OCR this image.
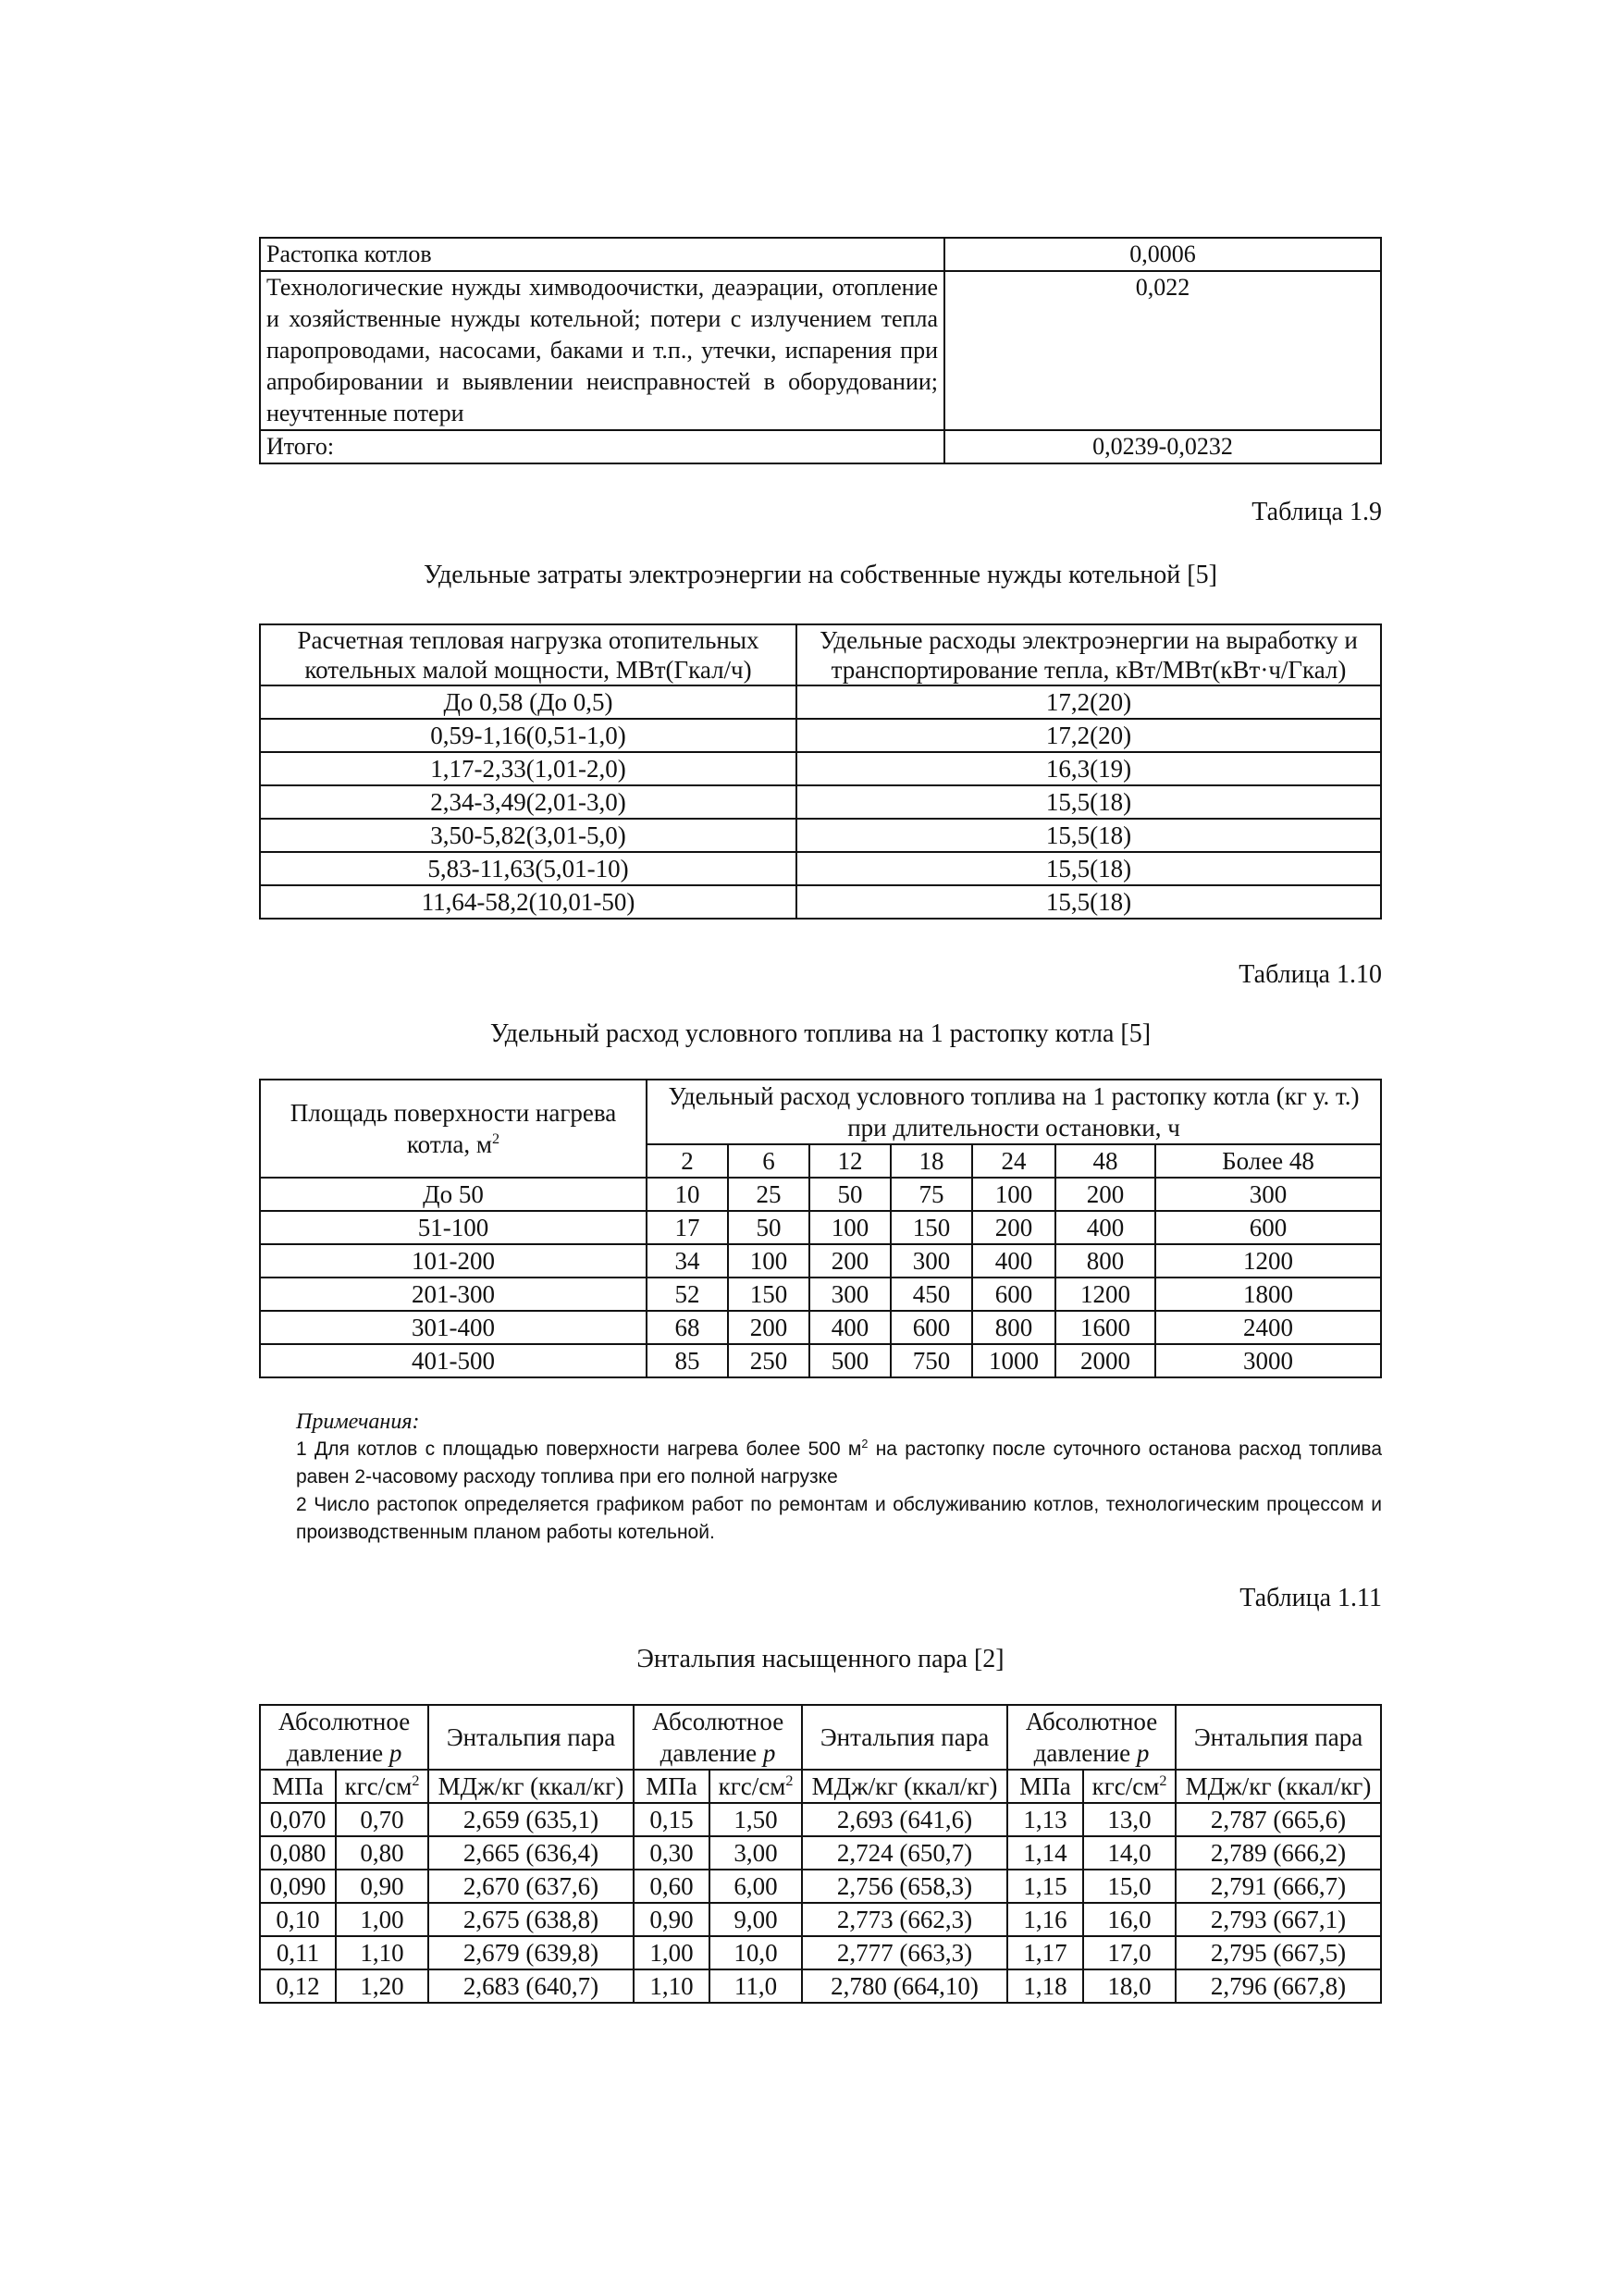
Растопка котлов	0,0006
Технологические нужды химводоочистки, деаэрации, отопление и хозяйственные нужды котельной; потери с излучением тепла паропроводами, насосами, баками и т.п., утечки, испарения при апробировании и выявлении неисправностей в оборудовании; неучтенные потери	0,022
Итого:	0,0239-0,0232
Таблица 1.9
Удельные затраты электроэнергии на собственные нужды котельной [5]
Расчетная тепловая нагрузка отопительных котельных малой мощности, МВт(Гкал/ч)	Удельные расходы электроэнергии на выработку и транспортирование тепла, кВт/МВт(кВт·ч/Гкал)
До 0,58 (До 0,5)	17,2(20)
0,59-1,16(0,51-1,0)	17,2(20)
1,17-2,33(1,01-2,0)	16,3(19)
2,34-3,49(2,01-3,0)	15,5(18)
3,50-5,82(3,01-5,0)	15,5(18)
5,83-11,63(5,01-10)	15,5(18)
11,64-58,2(10,01-50)	15,5(18)
Таблица 1.10
Удельный расход условного топлива на 1 растопку котла [5]
Площадь поверхности нагрева котла, $м^2$	Удельный расход условного топлива на 1 растопку котла (кг у. т.) при длительности остановки, ч						
	2	6	12	18	24	48	Более 48
До 50	10	25	50	75	100	200	300
51-100	17	50	100	150	200	400	600
101-200	34	100	200	300	400	800	1200
201-300	52	150	300	450	600	1200	1800
301-400	68	200	400	600	800	1600	2400
401-500	85	250	500	750	1000	2000	3000
Примечания:

1 Для котлов с площадью поверхности нагрева более 500 $м^2$ на растопку после суточного останова расход топлива равен 2-часовому расходу топлива при его полной нагрузке

2 Число растопок определяется графиком работ по ремонтам и обслуживанию котлов, технологическим процессом и производственным планом работы котельной.

Таблица 1.11
Энтальпия насыщенного пара [2]
Абсолютное давление p		Энтальпия пара	Абсолютное давление p		Энтальпия пара	Абсолютное давление p		Энтальпия пара
МПа	кгс/$см^2$	МДж/кг (ккал/кг)	МПа	кгс/$см^2$	МДж/кг (ккал/кг)	МПа	кгс/$см^2$	МДж/кг (ккал/кг)
0,070	0,70	2,659 (635,1)	0,15	1,50	2,693 (641,6)	1,13	13,0	2,787 (665,6)
0,080	0,80	2,665 (636,4)	0,30	3,00	2,724 (650,7)	1,14	14,0	2,789 (666,2)
0,090	0,90	2,670 (637,6)	0,60	6,00	2,756 (658,3)	1,15	15,0	2,791 (666,7)
0,10	1,00	2,675 (638,8)	0,90	9,00	2,773 (662,3)	1,16	16,0	2,793 (667,1)
0,11	1,10	2,679 (639,8)	1,00	10,0	2,777 (663,3)	1,17	17,0	2,795 (667,5)
0,12	1,20	2,683 (640,7)	1,10	11,0	2,780 (664,10)	1,18	18,0	2,796 (667,8)
